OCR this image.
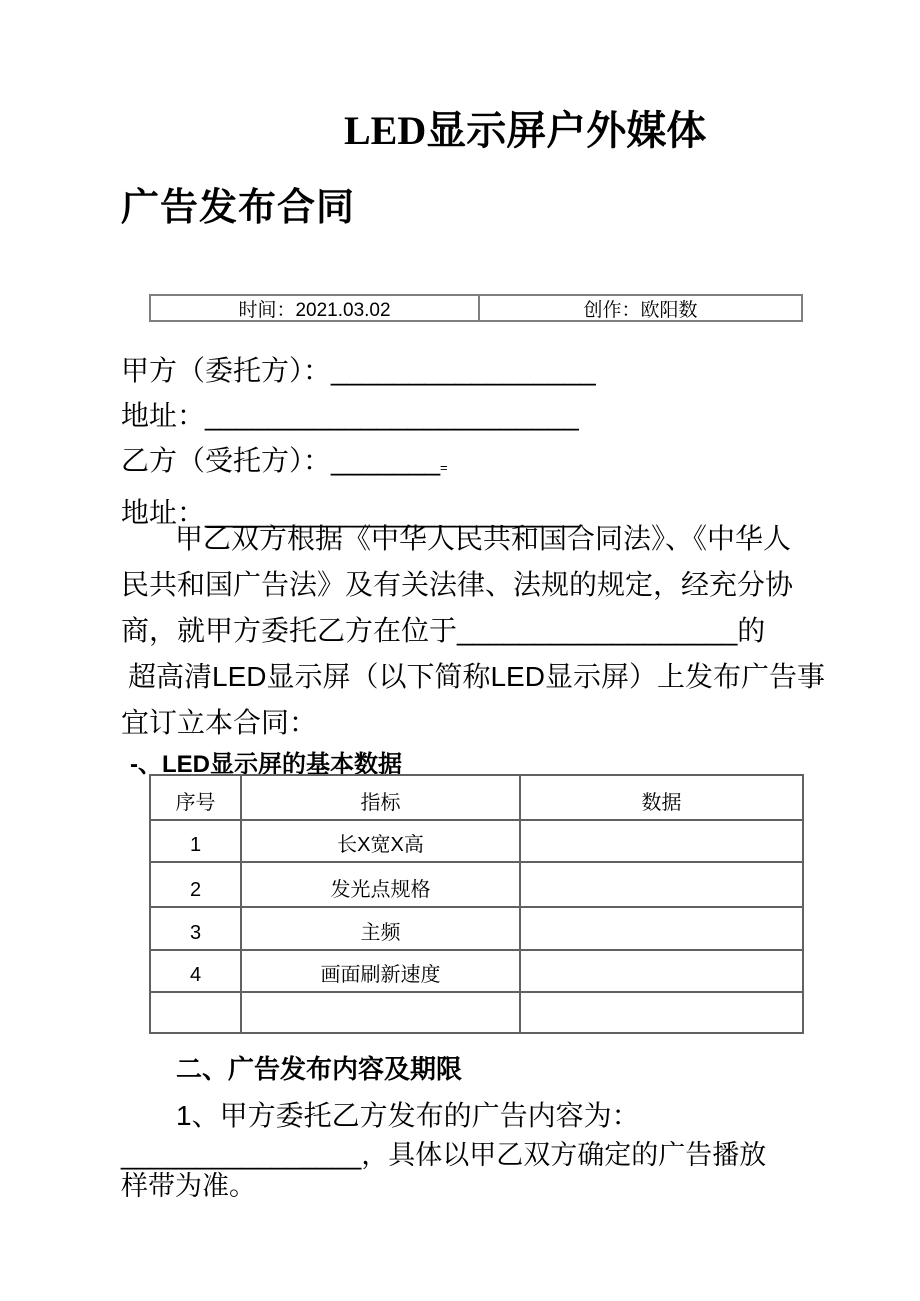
LED显示屏户外媒体
广告发布合同
时间：2021.03.02	创作：欧阳数
甲方（委托方）：_________________
地址：________________________
乙方（受托方）：_______=
地址：________________________
甲乙双方根据《中华人民共和国合同法》、《中华人
民共和国广告法》及有关法律、法规的规定，经充分协
商，就甲方委托乙方在位于__________________的
超高清LED显示屏（以下简称LED显示屏）上发布广告事
宜订立本合同：
-、LED显示屏的基本数据
序号	指标	数据
1	长X宽X高	
2	发光点规格	
3	主频	
4	画面刷新速度	

二、广告发布内容及期限
1、甲方委托乙方发布的广告内容为：
________________，具体以甲乙双方确定的广告播放
样带为准。
